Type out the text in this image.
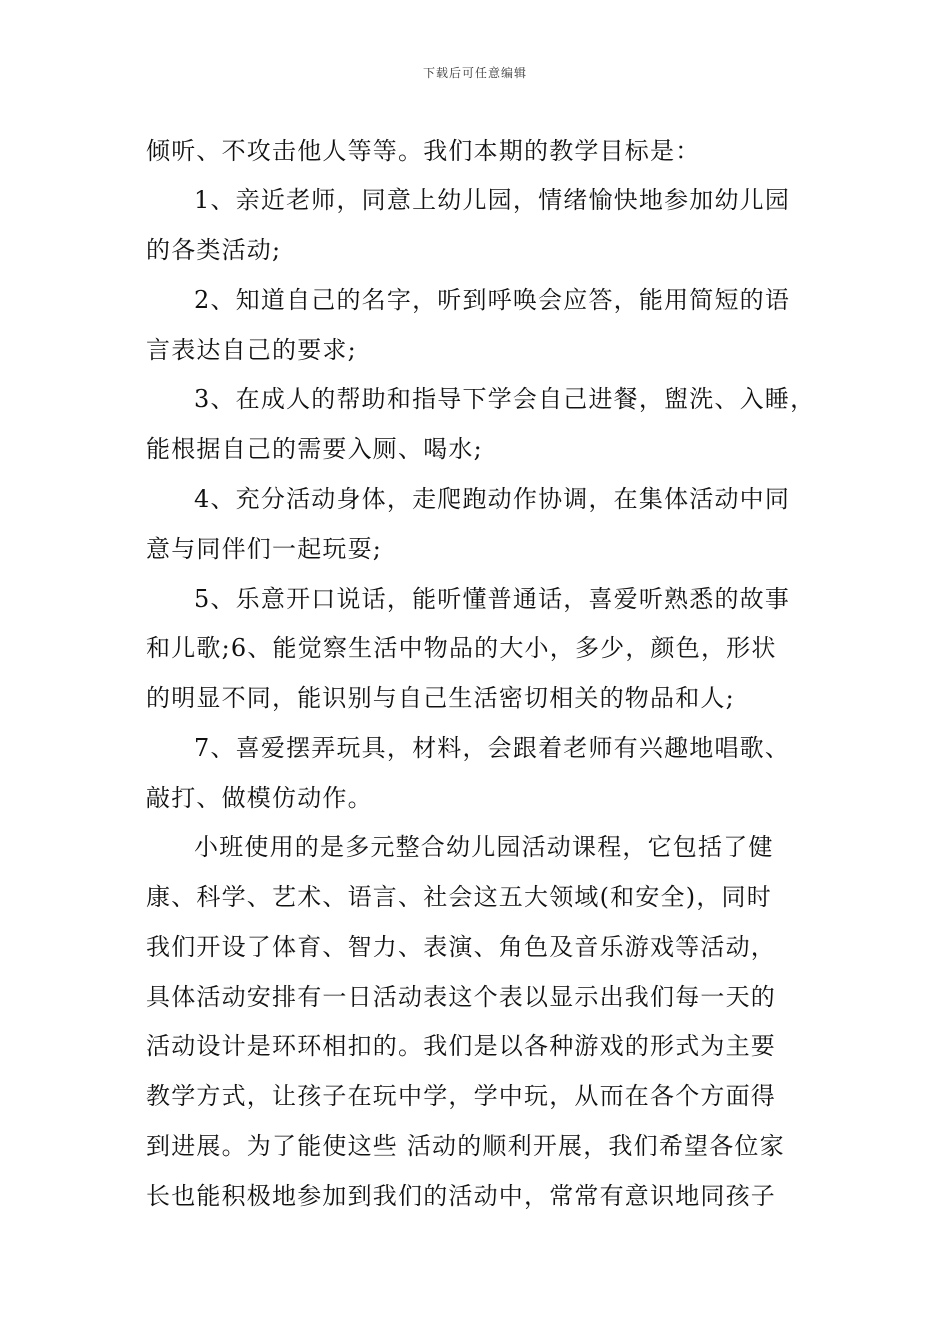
下载后可任意编辑
倾听、不攻击他人等等。我们本期的教学目标是：
1、亲近老师，同意上幼儿园，情绪愉快地参加幼儿园
的各类活动;
2、知道自己的名字，听到呼唤会应答，能用简短的语
言表达自己的要求;
3、在成人的帮助和指导下学会自己进餐，盥洗、入睡，
能根据自己的需要入厕、喝水;
4、充分活动身体，走爬跑动作协调，在集体活动中同
意与同伴们一起玩耍;
5、乐意开口说话，能听懂普通话，喜爱听熟悉的故事
和儿歌;6、能觉察生活中物品的大小，多少，颜色，形状
的明显不同，能识别与自己生活密切相关的物品和人;
7、喜爱摆弄玩具，材料，会跟着老师有兴趣地唱歌、
敲打、做模仿动作。
小班使用的是多元整合幼儿园活动课程，它包括了健
康、科学、艺术、语言、社会这五大领域(和安全)，同时
我们开设了体育、智力、表演、角色及音乐游戏等活动，
具体活动安排有一日活动表这个表以显示出我们每一天的
活动设计是环环相扣的。我们是以各种游戏的形式为主要
教学方式，让孩子在玩中学，学中玩，从而在各个方面得
到进展。为了能使这些 活动的顺利开展，我们希望各位家
长也能积极地参加到我们的活动中，常常有意识地同孩子
